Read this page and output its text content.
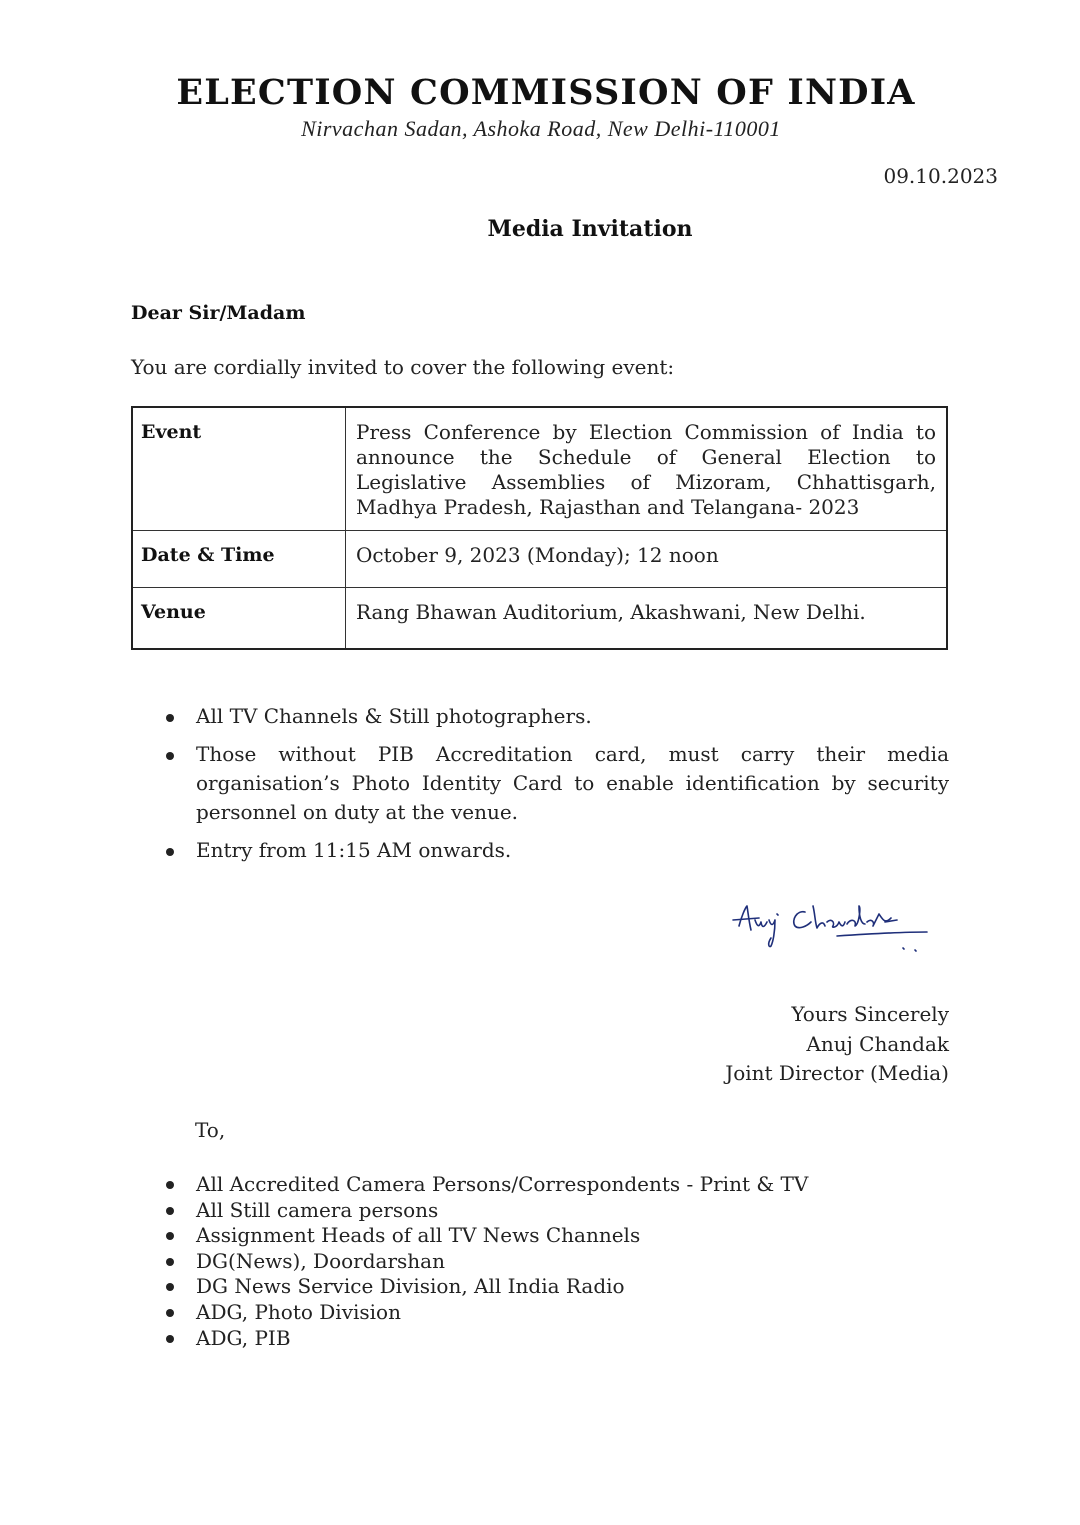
ELECTION COMMISSION OF INDIA
Nirvachan Sadan, Ashoka Road, New Delhi-110001
09.10.2023
Media Invitation
Dear Sir/Madam
You are cordially invited to cover the following event:
Event	Press Conference by Election Commission of India to announce the Schedule of General Election to Legislative Assemblies of Mizoram, Chhattisgarh, Madhya Pradesh, Rajasthan and Telangana- 2023
Date & Time	October 9, 2023 (Monday); 12 noon
Venue	Rang Bhawan Auditorium, Akashwani, New Delhi.
All TV Channels & Still photographers.
Those without PIB Accreditation card, must carry their media organisation’s Photo Identity Card to enable identification by security personnel on duty at the venue.
Entry from 11:15 AM onwards.
Yours Sincerely
Anuj Chandak
Joint Director (Media)
To,
All Accredited Camera Persons/Correspondents - Print & TV
All Still camera persons
Assignment Heads of all TV News Channels
DG(News), Doordarshan
DG News Service Division, All India Radio
ADG, Photo Division
ADG, PIB
